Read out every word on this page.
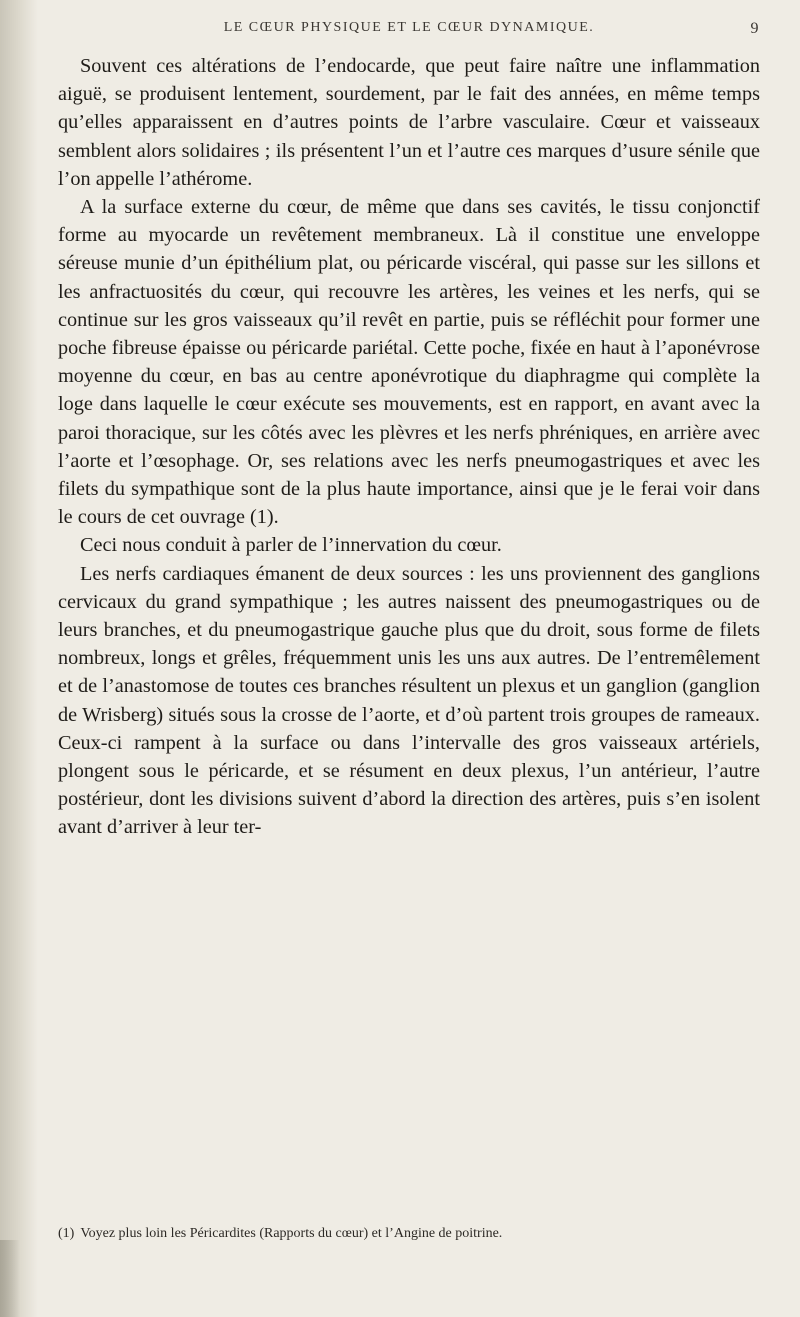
LE CŒUR PHYSIQUE ET LE CŒUR DYNAMIQUE.	9

Souvent ces altérations de l’endocarde, que peut faire naître une inflammation aiguë, se produisent lentement, sourdement, par le fait des années, en même temps qu’elles apparaissent en d’autres points de l’arbre vasculaire. Cœur et vaisseaux semblent alors solidaires ; ils présentent l’un et l’autre ces marques d’usure sénile que l’on appelle l’athérome.

A la surface externe du cœur, de même que dans ses cavités, le tissu conjonctif forme au myocarde un revêtement membraneux. Là il constitue une enveloppe séreuse munie d’un épithélium plat, ou péricarde viscéral, qui passe sur les sillons et les anfractuosités du cœur, qui recouvre les artères, les veines et les nerfs, qui se continue sur les gros vaisseaux qu’il revêt en partie, puis se réfléchit pour former une poche fibreuse épaisse ou péricarde pariétal. Cette poche, fixée en haut à l’aponévrose moyenne du cœur, en bas au centre aponévrotique du diaphragme qui complète la loge dans laquelle le cœur exécute ses mouvements, est en rapport, en avant avec la paroi thoracique, sur les côtés avec les plèvres et les nerfs phréniques, en arrière avec l’aorte et l’œsophage. Or, ses relations avec les nerfs pneumogastriques et avec les filets du sympathique sont de la plus haute importance, ainsi que je le ferai voir dans le cours de cet ouvrage (1).

Ceci nous conduit à parler de l’innervation du cœur.

Les nerfs cardiaques émanent de deux sources : les uns proviennent des ganglions cervicaux du grand sympathique ; les autres naissent des pneumogastriques ou de leurs branches, et du pneumogastrique gauche plus que du droit, sous forme de filets nombreux, longs et grêles, fréquemment unis les uns aux autres. De l’entremêlement et de l’anastomose de toutes ces branches résultent un plexus et un ganglion (ganglion de Wrisberg) situés sous la crosse de l’aorte, et d’où partent trois groupes de rameaux. Ceux-ci rampent à la surface ou dans l’intervalle des gros vaisseaux artériels, plongent sous le péricarde, et se résument en deux plexus, l’un antérieur, l’autre postérieur, dont les divisions suivent d’abord la direction des artères, puis s’en isolent avant d’arriver à leur ter-

(1) Voyez plus loin les Péricardites (Rapports du cœur) et l’Angine de poitrine.
